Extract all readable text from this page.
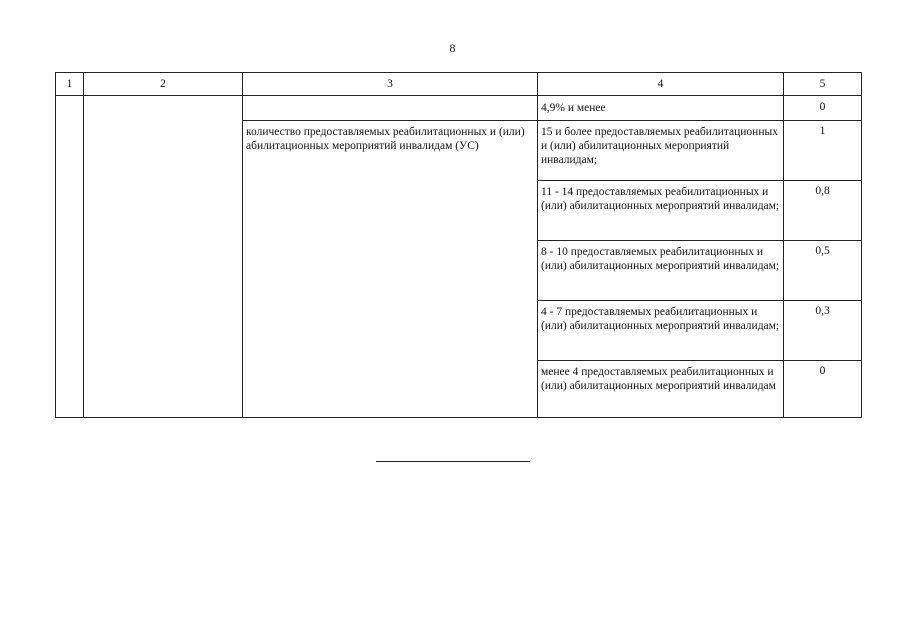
8
1	2	3	4	5
			4,9% и менее	0
		количество предоставляемых реабилитационных и (или) абилитационных мероприятий инвалидам (УС)	15 и более предоставляемых реабилитационных и (или) абилитационных мероприятий инвалидам;	1
			11 - 14 предоставляемых реабилитационных и (или) абилитационных мероприятий инвалидам;	0,8
			8 - 10 предоставляемых реабилитационных и (или) абилитационных мероприятий инвалидам;	0,5
			4 - 7 предоставляемых реабилитационных и (или) абилитационных мероприятий инвалидам;	0,3
			менее 4 предоставляемых реабилитационных и (или) абилитационных мероприятий инвалидам	0
